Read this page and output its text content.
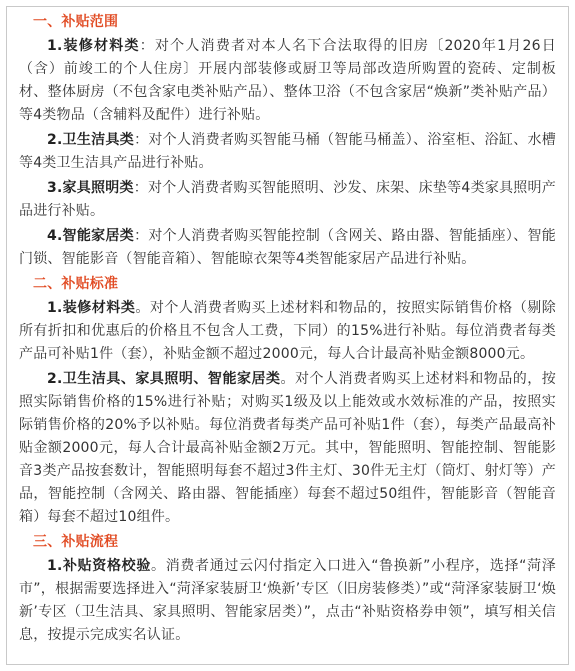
一、补贴范围

1.装修材料类：对个人消费者对本人名下合法取得的旧房〔2020年1月26日（含）前竣工的个人住房〕开展内部装修或厨卫等局部改造所购置的瓷砖、定制板材、整体厨房（不包含家电类补贴产品）、整体卫浴（不包含家居“焕新”类补贴产品）等4类物品（含辅料及配件）进行补贴。

2.卫生洁具类：对个人消费者购买智能马桶（智能马桶盖）、浴室柜、浴缸、水槽等4类卫生洁具产品进行补贴。

3.家具照明类：对个人消费者购买智能照明、沙发、床架、床垫等4类家具照明产品进行补贴。

4.智能家居类：对个人消费者购买智能控制（含网关、路由器、智能插座）、智能门锁、智能影音（智能音箱）、智能晾衣架等4类智能家居产品进行补贴。

二、补贴标准

1.装修材料类。对个人消费者购买上述材料和物品的，按照实际销售价格（剔除所有折扣和优惠后的价格且不包含人工费，下同）的15%进行补贴。每位消费者每类产品可补贴1件（套），补贴金额不超过2000元，每人合计最高补贴金额8000元。

2.卫生洁具、家具照明、智能家居类。对个人消费者购买上述材料和物品的，按照实际销售价格的15%进行补贴；对购买1级及以上能效或水效标准的产品，按照实际销售价格的20%予以补贴。每位消费者每类产品可补贴1件（套），每类产品最高补贴金额2000元，每人合计最高补贴金额2万元。其中，智能照明、智能控制、智能影音3类产品按套数计，智能照明每套不超过3件主灯、30件无主灯（筒灯、射灯等）产品，智能控制（含网关、路由器、智能插座）每套不超过50组件，智能影音（智能音箱）每套不超过10组件。

三、补贴流程

1.补贴资格校验。消费者通过云闪付指定入口进入“鲁换新”小程序，选择“菏泽市”，根据需要选择进入“菏泽家装厨卫‘焕新’专区（旧房装修类）”或“菏泽家装厨卫‘焕新’专区（卫生洁具、家具照明、智能家居类）”，点击“补贴资格券申领”，填写相关信息，按提示完成实名认证。
